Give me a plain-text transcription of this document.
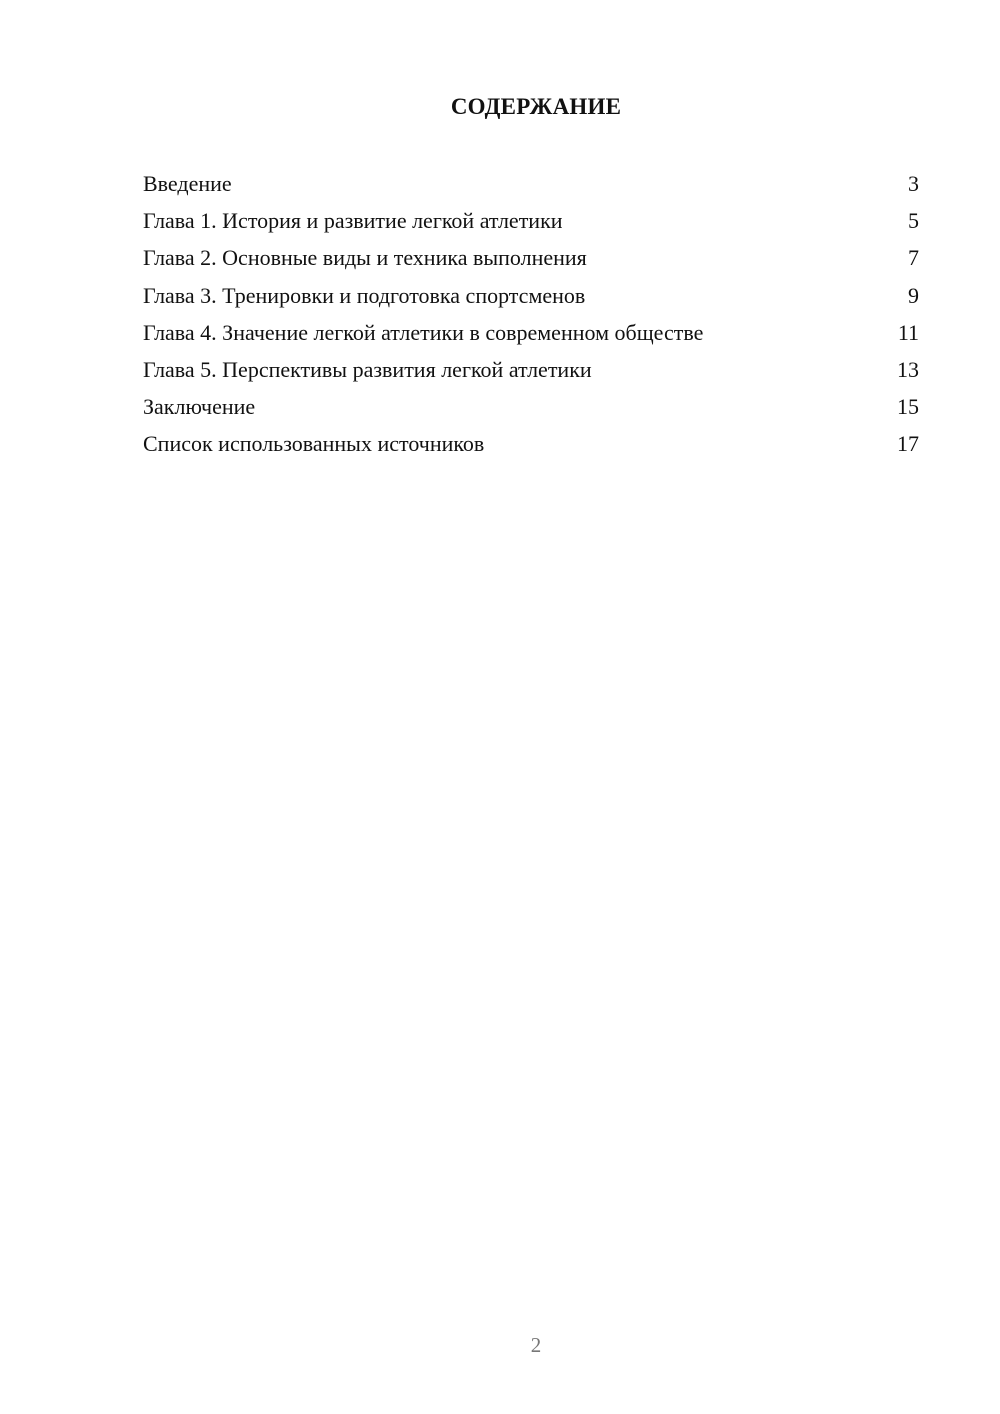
СОДЕРЖАНИЕ
Введение	3
Глава 1. История и развитие легкой атлетики	5
Глава 2. Основные виды и техника выполнения	7
Глава 3. Тренировки и подготовка спортсменов	9
Глава 4. Значение легкой атлетики в современном обществе	11
Глава 5. Перспективы развития легкой атлетики	13
Заключение	15
Список использованных источников	17
2
